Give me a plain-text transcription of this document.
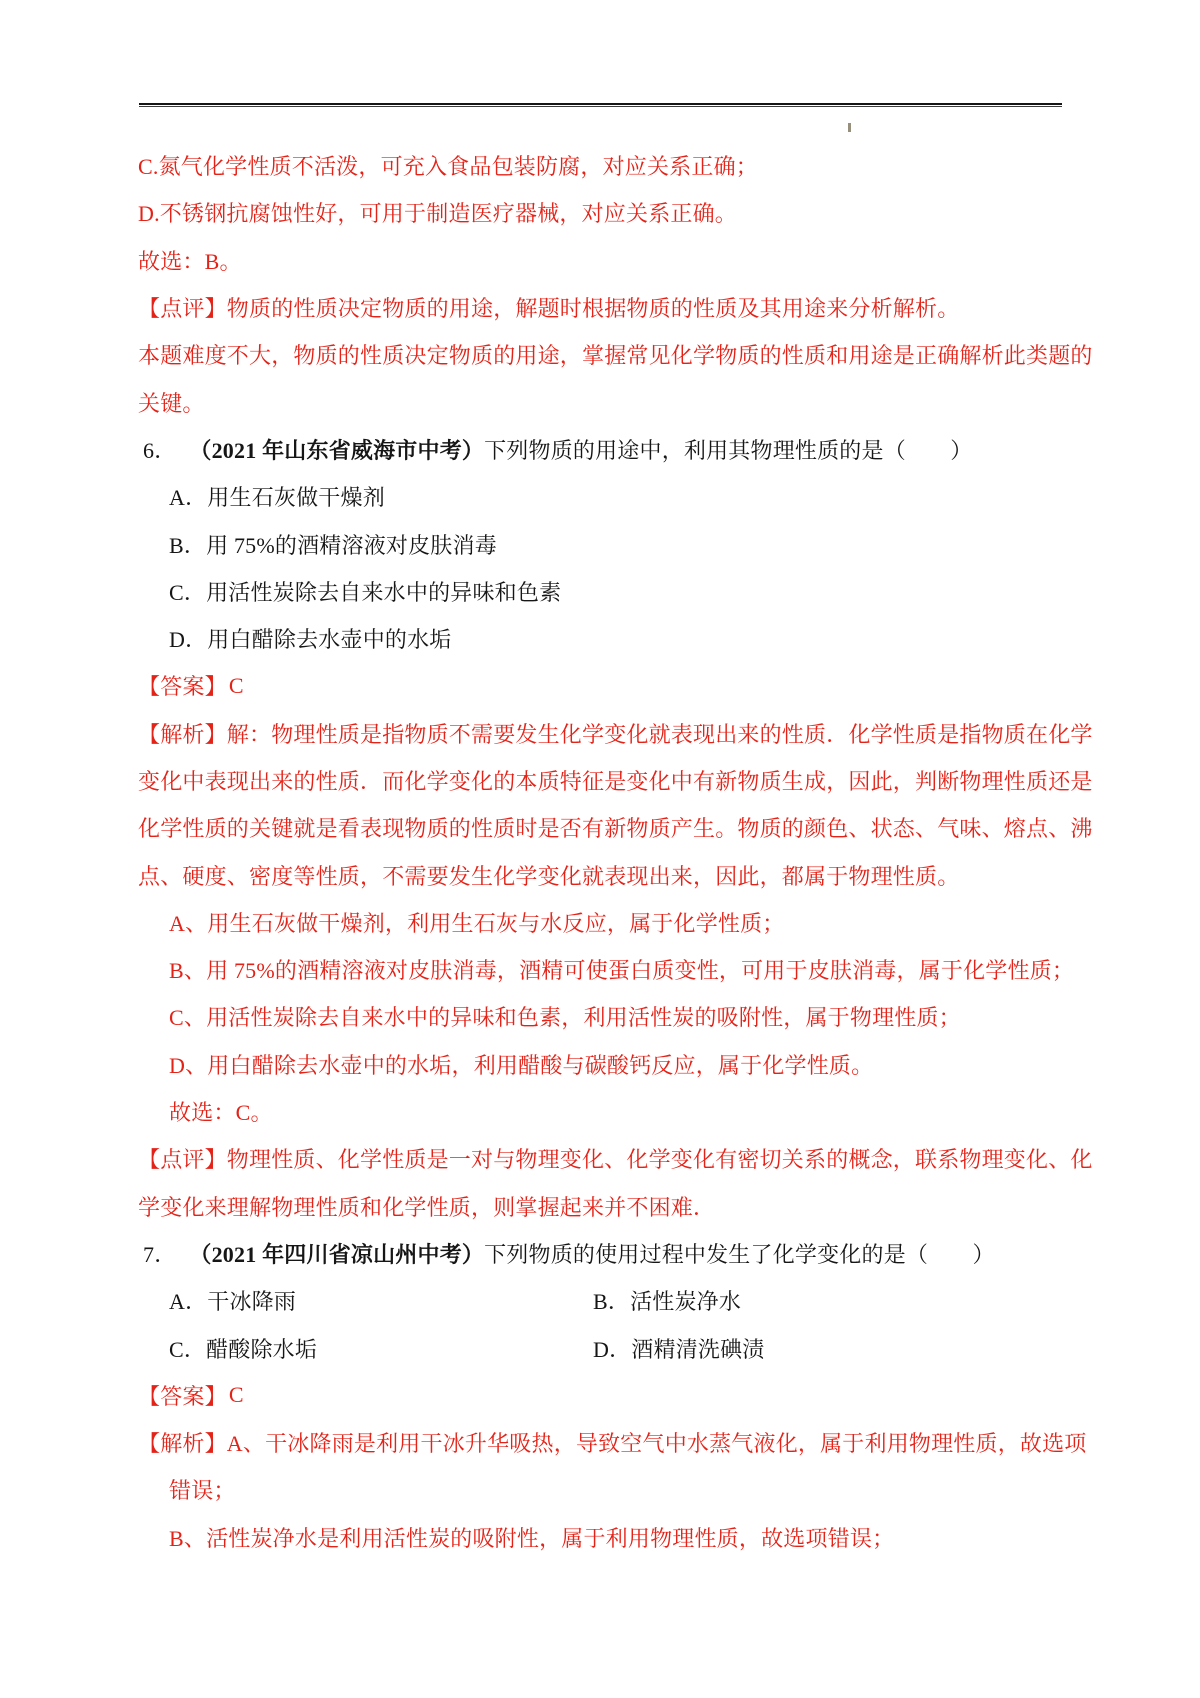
C.氮气化学性质不活泼，可充入食品包装防腐，对应关系正确；
D.不锈钢抗腐蚀性好，可用于制造医疗器械，对应关系正确。
故选：B。
【点评】物质的性质决定物质的用途，解题时根据物质的性质及其用途来分析解析。
本题难度不大，物质的性质决定物质的用途，掌握常见化学物质的性质和用途是正确解析此类题的
关键。
6． （2021 年山东省威海市中考） 下列物质的用途中，利用其物理性质的是（　　）
A．用生石灰做干燥剂
B．用 75%的酒精溶液对皮肤消毒
C．用活性炭除去自来水中的异味和色素
D．用白醋除去水壶中的水垢
【答案】 C
【解析】解：物理性质是指物质不需要发生化学变化就表现出来的性质．化学性质是指物质在化学
变化中表现出来的性质．而化学变化的本质特征是变化中有新物质生成，因此，判断物理性质还是
化学性质的关键就是看表现物质的性质时是否有新物质产生。物质的颜色、状态、气味、熔点、沸
点、硬度、密度等性质，不需要发生化学变化就表现出来，因此，都属于物理性质。
A、用生石灰做干燥剂，利用生石灰与水反应，属于化学性质；
B、用 75%的酒精溶液对皮肤消毒，酒精可使蛋白质变性，可用于皮肤消毒，属于化学性质；
C、用活性炭除去自来水中的异味和色素，利用活性炭的吸附性，属于物理性质；
D、用白醋除去水壶中的水垢，利用醋酸与碳酸钙反应，属于化学性质。
故选：C。
【点评】物理性质、化学性质是一对与物理变化、化学变化有密切关系的概念，联系物理变化、化
学变化来理解物理性质和化学性质，则掌握起来并不困难．
7． （2021 年四川省凉山州中考） 下列物质的使用过程中发生了化学变化的是（　　）
A．干冰降雨	B．活性炭净水
C．醋酸除水垢	D．酒精清洗碘渍
【答案】 C
【解析】A、干冰降雨是利用干冰升华吸热，导致空气中水蒸气液化，属于利用物理性质，故选项
错误；
B、活性炭净水是利用活性炭的吸附性，属于利用物理性质，故选项错误；
